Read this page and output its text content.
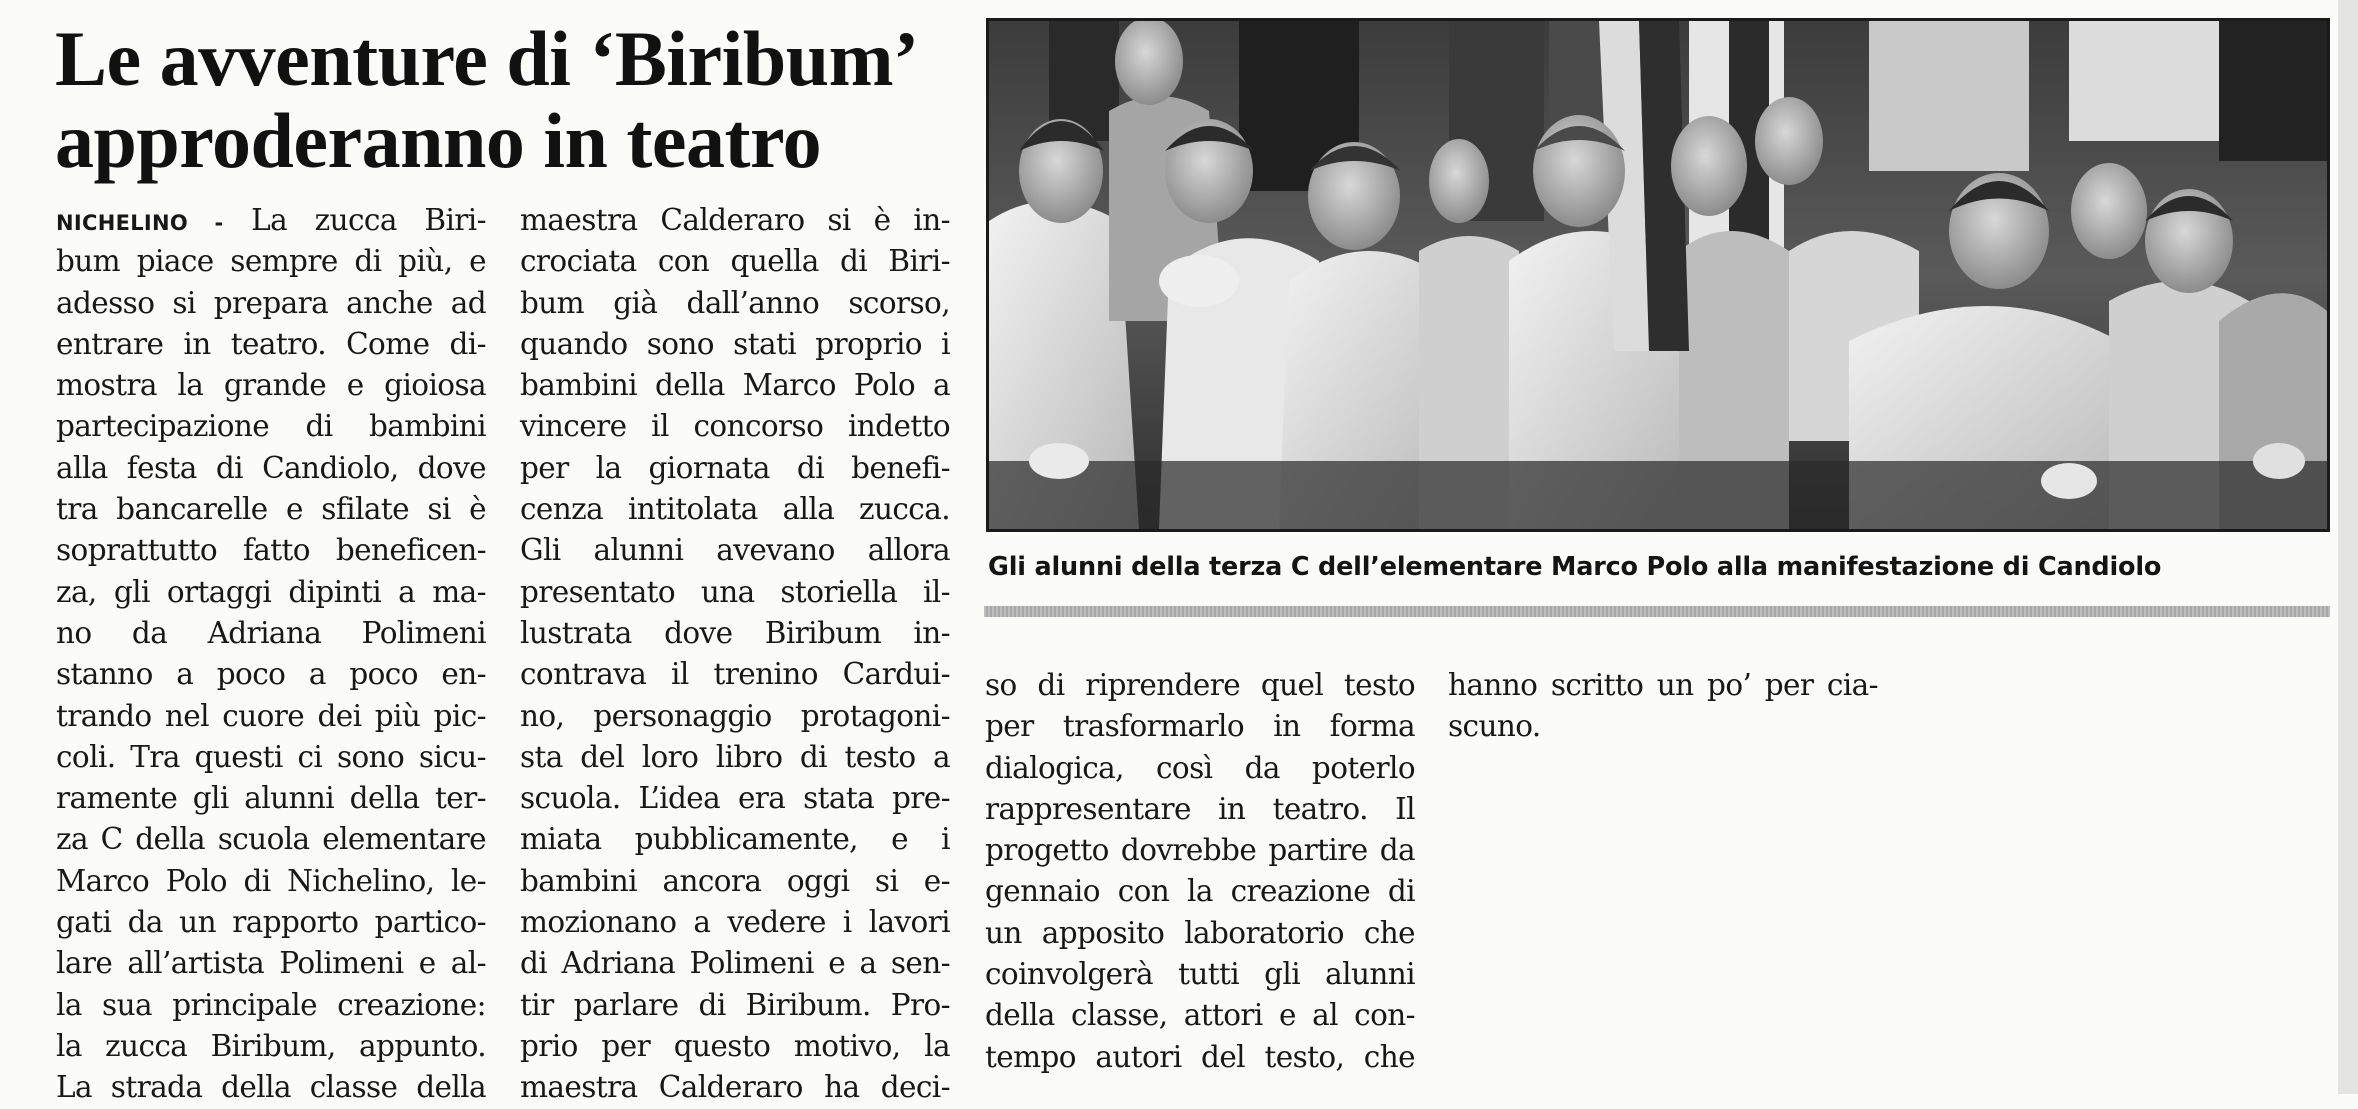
Le avventure di ‘Biribum’
approderanno in teatro
NICHELINO - La zucca Biri-
bum piace sempre di più, e
adesso si prepara anche ad
entrare in teatro. Come di-
mostra la grande e gioiosa
partecipazione di bambini
alla festa di Candiolo, dove
tra bancarelle e sfilate si è
soprattutto fatto beneficen-
za, gli ortaggi dipinti a ma-
no da Adriana Polimeni
stanno a poco a poco en-
trando nel cuore dei più pic-
coli. Tra questi ci sono sicu-
ramente gli alunni della ter-
za C della scuola elementare
Marco Polo di Nichelino, le-
gati da un rapporto partico-
lare all’artista Polimeni e al-
la sua principale creazione:
la zucca Biribum, appunto.
La strada della classe della
maestra Calderaro si è in-
crociata con quella di Biri-
bum già dall’anno scorso,
quando sono stati proprio i
bambini della Marco Polo a
vincere il concorso indetto
per la giornata di benefi-
cenza intitolata alla zucca.
Gli alunni avevano allora
presentato una storiella il-
lustrata dove Biribum in-
contrava il trenino Cardui-
no, personaggio protagoni-
sta del loro libro di testo a
scuola. L’idea era stata pre-
miata pubblicamente, e i
bambini ancora oggi si e-
mozionano a vedere i lavori
di Adriana Polimeni e a sen-
tir parlare di Biribum. Pro-
prio per questo motivo, la
maestra Calderaro ha deci-
so di riprendere quel testo
per trasformarlo in forma
dialogica, così da poterlo
rappresentare in teatro. Il
progetto dovrebbe partire da
gennaio con la creazione di
un apposito laboratorio che
coinvolgerà tutti gli alunni
della classe, attori e al con-
tempo autori del testo, che
hanno scritto un po’ per cia-
scuno.

Gli alunni della terza C dell’elementare Marco Polo alla manifestazione di Candiolo
